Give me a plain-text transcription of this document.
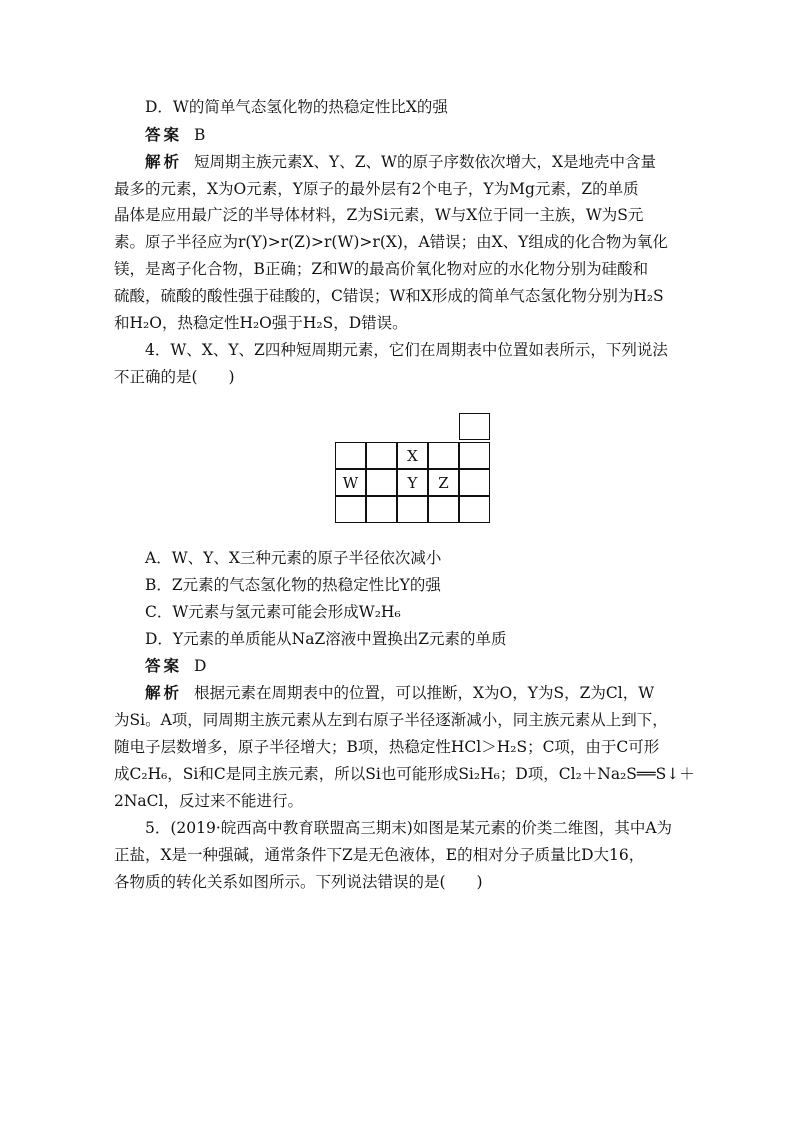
D．W的简单气态氢化物的热稳定性比X的强
答案 B
解析 短周期主族元素X、Y、Z、W的原子序数依次增大，X是地壳中含量
最多的元素，X为O元素，Y原子的最外层有2个电子，Y为Mg元素，Z的单质
晶体是应用最广泛的半导体材料，Z为Si元素，W与X位于同一主族，W为S元
素。原子半径应为r(Y)>r(Z)>r(W)>r(X)，A错误；由X、Y组成的化合物为氧化
镁，是离子化合物，B正确；Z和W的最高价氧化物对应的水化物分别为硅酸和
硫酸，硫酸的酸性强于硅酸的，C错误；W和X形成的简单气态氢化物分别为H₂S
和H₂O，热稳定性H₂O强于H₂S，D错误。
4．W、X、Y、Z四种短周期元素，它们在周期表中位置如表所示，下列说法
不正确的是(　　)
X
W	Y	Z
A．W、Y、X三种元素的原子半径依次减小
B．Z元素的气态氢化物的热稳定性比Y的强
C．W元素与氢元素可能会形成W₂H₆
D．Y元素的单质能从NaZ溶液中置换出Z元素的单质
答案 D
解析 根据元素在周期表中的位置，可以推断，X为O，Y为S，Z为Cl，W
为Si。A项，同周期主族元素从左到右原子半径逐渐减小，同主族元素从上到下，
随电子层数增多，原子半径增大；B项，热稳定性HCl＞H₂S；C项，由于C可形
成C₂H₆，Si和C是同主族元素，所以Si也可能形成Si₂H₆；D项，Cl₂＋Na₂S══S↓＋
2NaCl，反过来不能进行。
5．(2019·皖西高中教育联盟高三期末)如图是某元素的价类二维图，其中A为
正盐，X是一种强碱，通常条件下Z是无色液体，E的相对分子质量比D大16，
各物质的转化关系如图所示。下列说法错误的是(　　)
